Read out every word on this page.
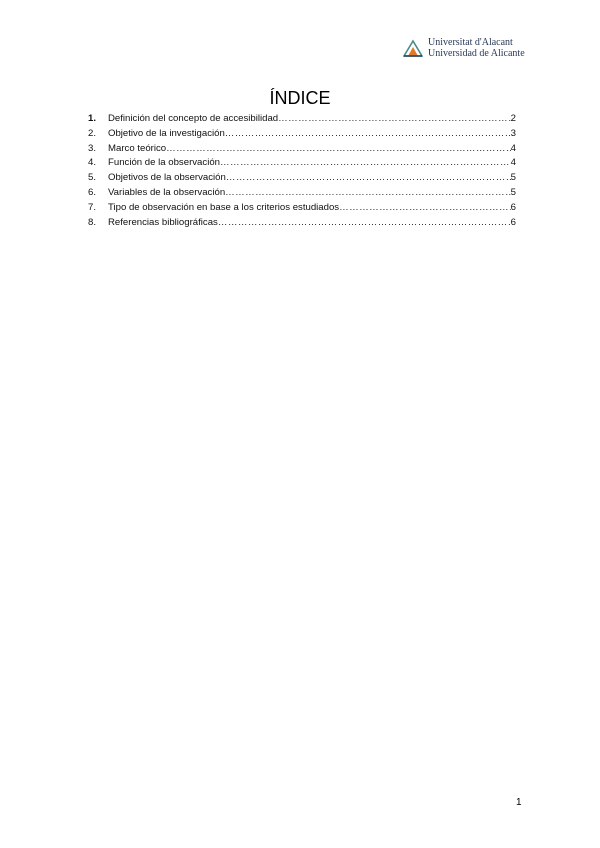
Universitat d'Alacant
Universidad de Alicante
ÍNDICE
1.	Definición del concepto de accesibilidad ………………………………………………………………………………………………………………………………………………………………………	2
2.	Objetivo de la investigación ………………………………………………………………………………………………………………………………………………………………………	3
3.	Marco teórico ………………………………………………………………………………………………………………………………………………………………………	4
4.	Función de la observación ………………………………………………………………………………………………………………………………………………………………………	4
5.	Objetivos de la observación ………………………………………………………………………………………………………………………………………………………………………	5
6.	Variables de la observación ………………………………………………………………………………………………………………………………………………………………………	5
7.	Tipo de observación en base a los criterios estudiados ………………………………………………………………………………………………………………………………………………………………………	6
8.	Referencias bibliográficas ………………………………………………………………………………………………………………………………………………………………………	6
1
